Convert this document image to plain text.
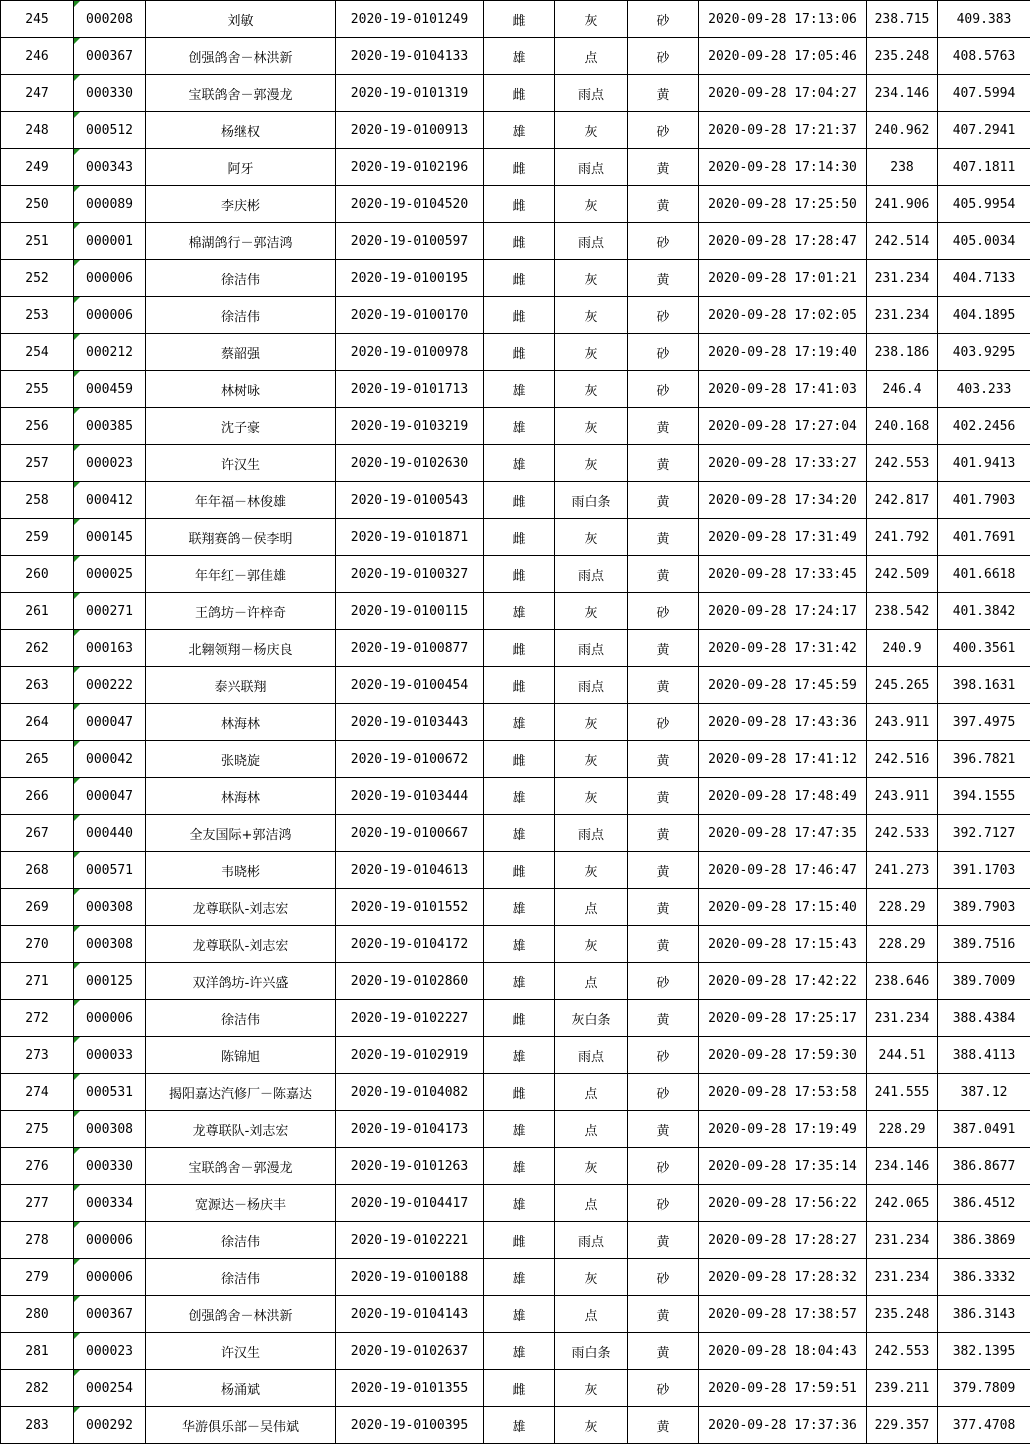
245	000208	刘敏	2020-19-0101249	雌	灰	砂	2020-09-28 17:13:06	238.715	409.383
246	000367	创强鸽舍－林洪新	2020-19-0104133	雄	点	砂	2020-09-28 17:05:46	235.248	408.5763
247	000330	宝联鸽舍－郭漫龙	2020-19-0101319	雌	雨点	黄	2020-09-28 17:04:27	234.146	407.5994
248	000512	杨继权	2020-19-0100913	雄	灰	砂	2020-09-28 17:21:37	240.962	407.2941
249	000343	阿牙	2020-19-0102196	雌	雨点	黄	2020-09-28 17:14:30	238	407.1811
250	000089	李庆彬	2020-19-0104520	雌	灰	黄	2020-09-28 17:25:50	241.906	405.9954
251	000001	棉湖鸽行－郭洁鸿	2020-19-0100597	雌	雨点	砂	2020-09-28 17:28:47	242.514	405.0034
252	000006	徐洁伟	2020-19-0100195	雌	灰	黄	2020-09-28 17:01:21	231.234	404.7133
253	000006	徐洁伟	2020-19-0100170	雌	灰	砂	2020-09-28 17:02:05	231.234	404.1895
254	000212	蔡韶强	2020-19-0100978	雌	灰	砂	2020-09-28 17:19:40	238.186	403.9295
255	000459	林树咏	2020-19-0101713	雄	灰	砂	2020-09-28 17:41:03	246.4	403.233
256	000385	沈子豪	2020-19-0103219	雄	灰	黄	2020-09-28 17:27:04	240.168	402.2456
257	000023	许汉生	2020-19-0102630	雄	灰	黄	2020-09-28 17:33:27	242.553	401.9413
258	000412	年年福－林俊雄	2020-19-0100543	雌	雨白条	黄	2020-09-28 17:34:20	242.817	401.7903
259	000145	联翔赛鸽－侯李明	2020-19-0101871	雌	灰	黄	2020-09-28 17:31:49	241.792	401.7691
260	000025	年年红－郭佳雄	2020-19-0100327	雌	雨点	黄	2020-09-28 17:33:45	242.509	401.6618
261	000271	王鸽坊－许梓奇	2020-19-0100115	雄	灰	砂	2020-09-28 17:24:17	238.542	401.3842
262	000163	北翱领翔－杨庆良	2020-19-0100877	雌	雨点	黄	2020-09-28 17:31:42	240.9	400.3561
263	000222	泰兴联翔	2020-19-0100454	雌	雨点	黄	2020-09-28 17:45:59	245.265	398.1631
264	000047	林海林	2020-19-0103443	雄	灰	砂	2020-09-28 17:43:36	243.911	397.4975
265	000042	张晓旋	2020-19-0100672	雌	灰	黄	2020-09-28 17:41:12	242.516	396.7821
266	000047	林海林	2020-19-0103444	雄	灰	黄	2020-09-28 17:48:49	243.911	394.1555
267	000440	全友国际+郭洁鸿	2020-19-0100667	雄	雨点	黄	2020-09-28 17:47:35	242.533	392.7127
268	000571	韦晓彬	2020-19-0104613	雌	灰	黄	2020-09-28 17:46:47	241.273	391.1703
269	000308	龙尊联队-刘志宏	2020-19-0101552	雄	点	黄	2020-09-28 17:15:40	228.29	389.7903
270	000308	龙尊联队-刘志宏	2020-19-0104172	雄	灰	黄	2020-09-28 17:15:43	228.29	389.7516
271	000125	双洋鸽坊-许兴盛	2020-19-0102860	雄	点	砂	2020-09-28 17:42:22	238.646	389.7009
272	000006	徐洁伟	2020-19-0102227	雌	灰白条	黄	2020-09-28 17:25:17	231.234	388.4384
273	000033	陈锦旭	2020-19-0102919	雄	雨点	砂	2020-09-28 17:59:30	244.51	388.4113
274	000531	揭阳嘉达汽修厂－陈嘉达	2020-19-0104082	雌	点	砂	2020-09-28 17:53:58	241.555	387.12
275	000308	龙尊联队-刘志宏	2020-19-0104173	雄	点	黄	2020-09-28 17:19:49	228.29	387.0491
276	000330	宝联鸽舍－郭漫龙	2020-19-0101263	雄	灰	砂	2020-09-28 17:35:14	234.146	386.8677
277	000334	宽源达－杨庆丰	2020-19-0104417	雄	点	砂	2020-09-28 17:56:22	242.065	386.4512
278	000006	徐洁伟	2020-19-0102221	雌	雨点	黄	2020-09-28 17:28:27	231.234	386.3869
279	000006	徐洁伟	2020-19-0100188	雄	灰	砂	2020-09-28 17:28:32	231.234	386.3332
280	000367	创强鸽舍－林洪新	2020-19-0104143	雄	点	黄	2020-09-28 17:38:57	235.248	386.3143
281	000023	许汉生	2020-19-0102637	雄	雨白条	黄	2020-09-28 18:04:43	242.553	382.1395
282	000254	杨涌斌	2020-19-0101355	雌	灰	砂	2020-09-28 17:59:51	239.211	379.7809
283	000292	华游俱乐部－吴伟斌	2020-19-0100395	雄	灰	黄	2020-09-28 17:37:36	229.357	377.4708
